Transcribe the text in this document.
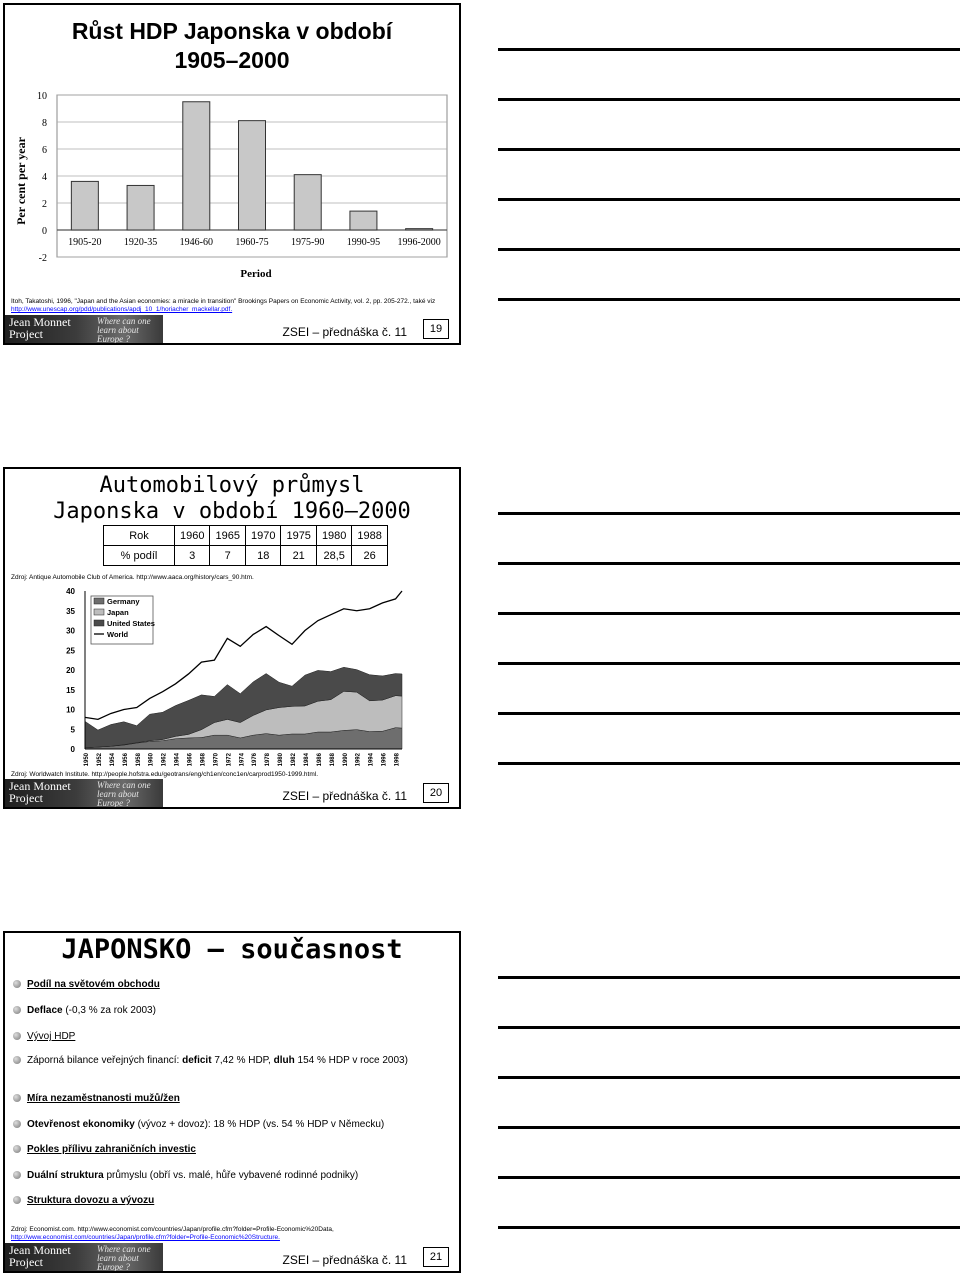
Růst HDP Japonska v období
1905–2000
-2
0
2
4
6
8
10
1905-20 1920-35 1946-60 1960-75 1975-90 1990-95 1996-2000
Per cent per year
Period
Itoh, Takatoshi, 1996, "Japan and the Asian economies: a miracle in transition" Brookings Papers on Economic Activity, vol. 2, pp. 205-272., také viz
http://www.unescap.org/pdd/publications/apdj_10_1/horiacher_mackellar.pdf.
Jean Monnet
Project
Where can one learn about Europe ?	ZSEI – přednáška č. 11	19
Automobilový průmysl
Japonska v období 1960–2000
Rok	1960	1965	1970	1975	1980	1988
% podíl	3	7	18	21	28,5	26
Zdroj: Antique Automobile Club of America. http://www.aaca.org/history/cars_90.htm.
0
5
10
15
20
25
30
35
40
1950 1952 1954 1956 1958 1960 1962 1964 1966 1968 1970 1972 1974 1976 1978 1980 1982 1984 1986 1988 1990 1992 1994 1996 1998
Germany
Japan
United States
World
Zdroj: Worldwatch Institute. http://people.hofstra.edu/geotrans/eng/ch1en/conc1en/carprod1950-1999.html.
Jean Monnet
Project
Where can one learn about Europe ?	ZSEI – přednáška č. 11	20
JAPONSKO – současnost
Podíl na světovém obchodu
Deflace (-0,3 % za rok 2003)
Vývoj HDP
Záporná bilance veřejných financí: deficit 7,42 % HDP, dluh 154 % HDP v roce 2003)
Míra nezaměstnanosti mužů/žen
Otevřenost ekonomiky (vývoz + dovoz): 18 % HDP (vs. 54 % HDP v Německu)
Pokles přílivu zahraničních investic
Duální struktura průmyslu (obří vs. malé, hůře vybavené rodinné podniky)
Struktura dovozu a vývozu
Zdroj: Economist.com. http://www.economist.com/countries/Japan/profile.cfm?folder=Profile-Economic%20Data,
http://www.economist.com/countries/Japan/profile.cfm?folder=Profile-Economic%20Structure.
Jean Monnet
Project
Where can one learn about Europe ?	ZSEI – přednáška č. 11	21
